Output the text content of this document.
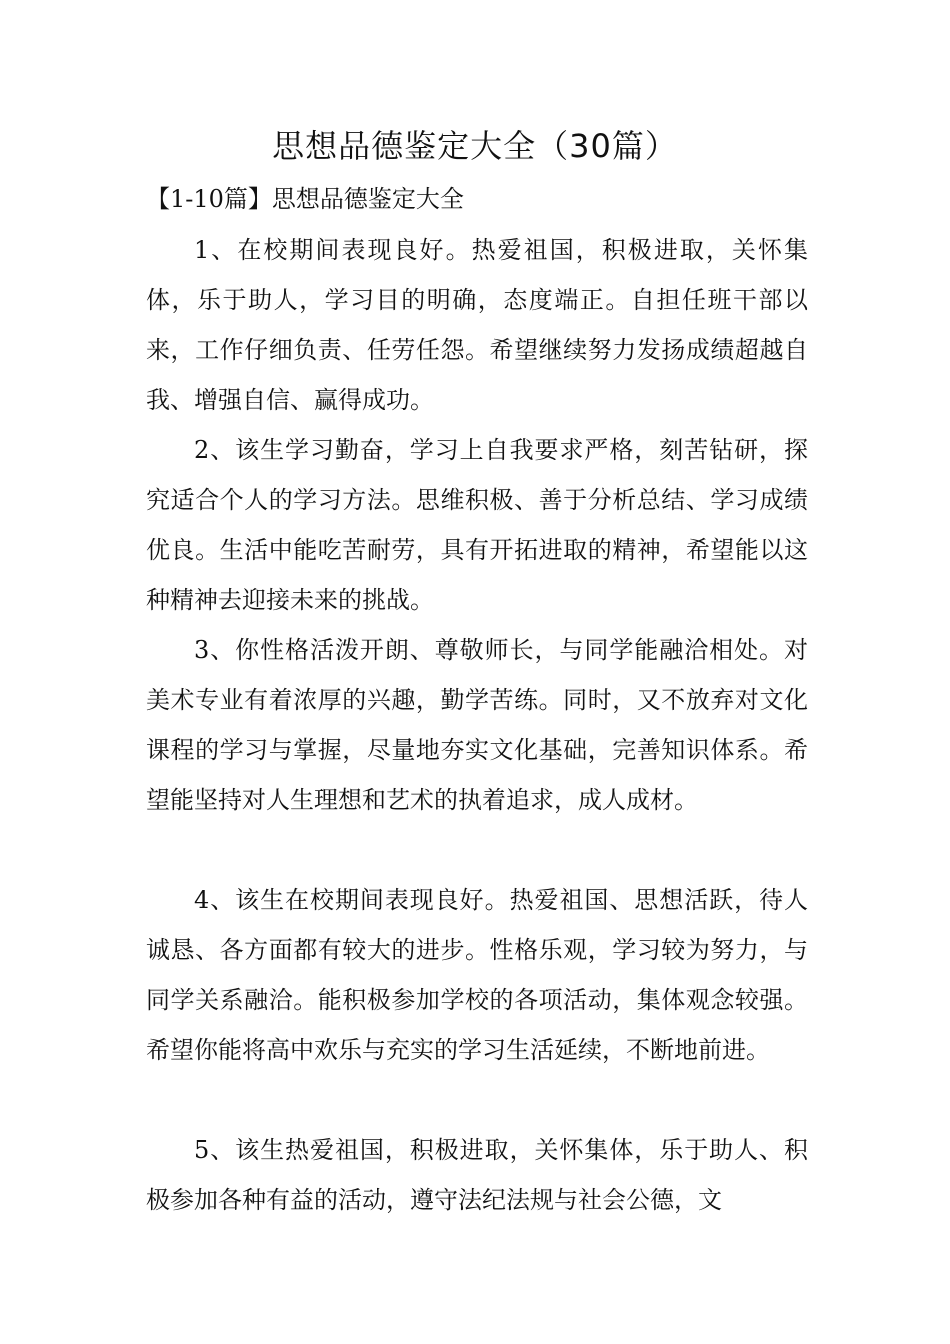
思想品德鉴定大全（30篇）
【1-10篇】思想品德鉴定大全

1、在校期间表现良好。热爱祖国，积极进取，关怀集体，乐于助人，学习目的明确，态度端正。自担任班干部以来，工作仔细负责、任劳任怨。希望继续努力发扬成绩超越自我、增强自信、赢得成功。

2、该生学习勤奋，学习上自我要求严格，刻苦钻研，探究适合个人的学习方法。思维积极、善于分析总结、学习成绩优良。生活中能吃苦耐劳，具有开拓进取的精神，希望能以这种精神去迎接未来的挑战。

3、你性格活泼开朗、尊敬师长，与同学能融洽相处。对美术专业有着浓厚的兴趣，勤学苦练。同时，又不放弃对文化课程的学习与掌握，尽量地夯实文化基础，完善知识体系。希望能坚持对人生理想和艺术的执着追求，成人成材。

4、该生在校期间表现良好。热爱祖国、思想活跃，待人诚恳、各方面都有较大的进步。性格乐观，学习较为努力，与同学关系融洽。能积极参加学校的各项活动，集体观念较强。希望你能将高中欢乐与充实的学习生活延续，不断地前进。

5、该生热爱祖国，积极进取，关怀集体，乐于助人、积极参加各种有益的活动，遵守法纪法规与社会公德，文
